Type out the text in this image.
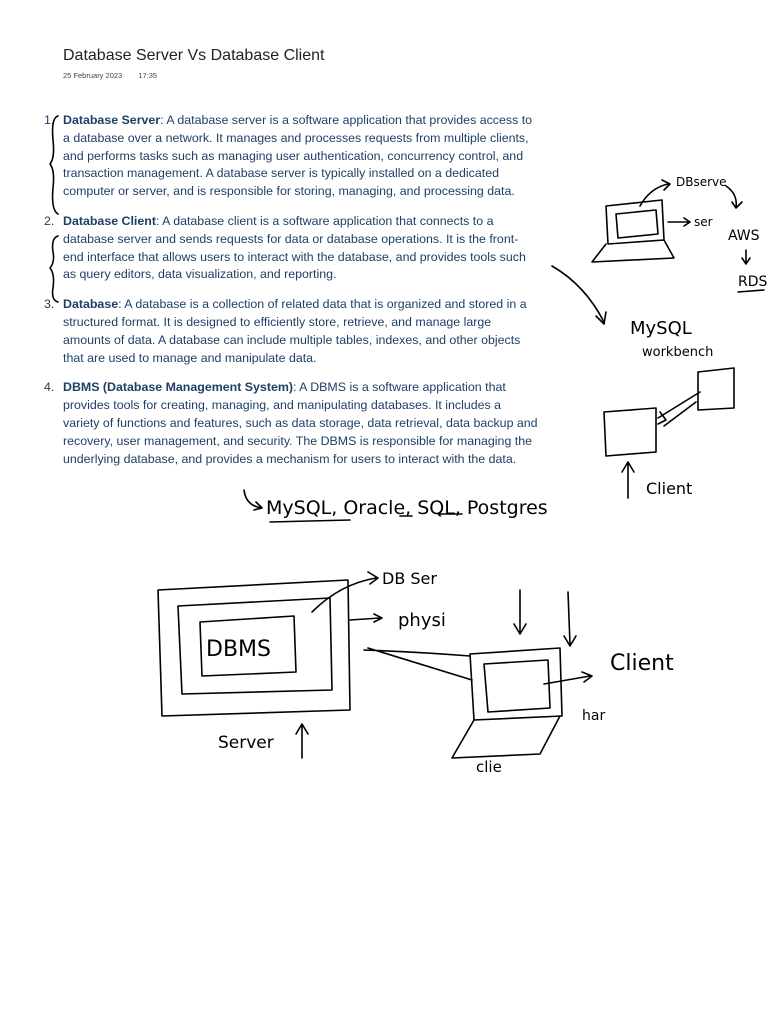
Database Server Vs Database Client
25 February 2023 17:35
1. Database Server: A database server is a software application that provides access to a database over a network. It manages and processes requests from multiple clients, and performs tasks such as managing user authentication, concurrency control, and transaction management. A database server is typically installed on a dedicated computer or server, and is responsible for storing, managing, and processing data.
2. Database Client: A database client is a software application that connects to a database server and sends requests for data or database operations. It is the front-end interface that allows users to interact with the database, and provides tools such as query editors, data visualization, and reporting.
3. Database: A database is a collection of related data that is organized and stored in a structured format. It is designed to efficiently store, retrieve, and manage large amounts of data. A database can include multiple tables, indexes, and other objects that are used to manage and manipulate data.
4. DBMS (Database Management System): A DBMS is a software application that provides tools for creating, managing, and manipulating databases. It includes a variety of functions and features, such as data storage, data retrieval, data backup and recovery, user management, and security. The DBMS is responsible for managing the underlying database, and provides a mechanism for users to interact with the data.
DBserve
ser
AWS
RDS
MySQL
workbench
Client
MySQL, Oracle, SQL, Postgres
DBMS
DB Ser
physi
Client
har
Server
clie
